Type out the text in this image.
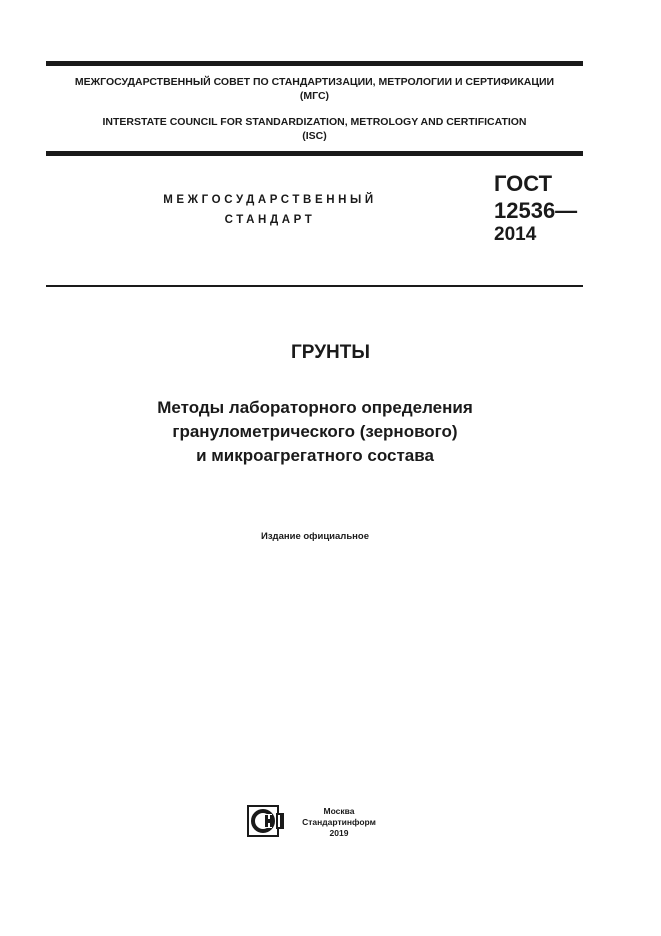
МЕЖГОСУДАРСТВЕННЫЙ СОВЕТ ПО СТАНДАРТИЗАЦИИ, МЕТРОЛОГИИ И СЕРТИФИКАЦИИ
(МГС)
INTERSTATE COUNCIL FOR STANDARDIZATION, METROLOGY AND CERTIFICATION
(ISC)
МЕЖГОСУДАРСТВЕННЫЙ
СТАНДАРТ
ГОСТ
12536—
2014
ГРУНТЫ
Методы лабораторного определения
гранулометрического (зернового)
и микроагрегатного состава
Издание официальное
Москва
Стандартинформ
2019
